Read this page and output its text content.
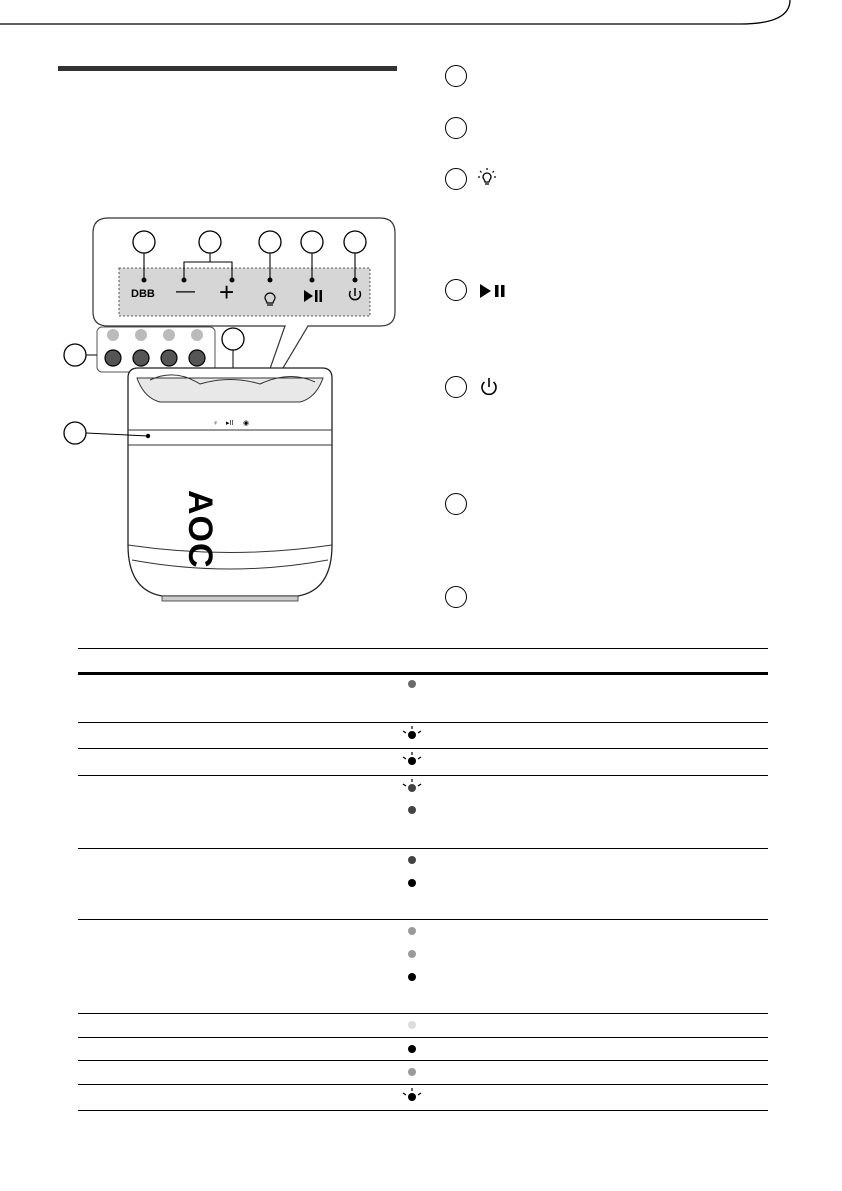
♀ ▸II ◉
DBB — +
AOC
